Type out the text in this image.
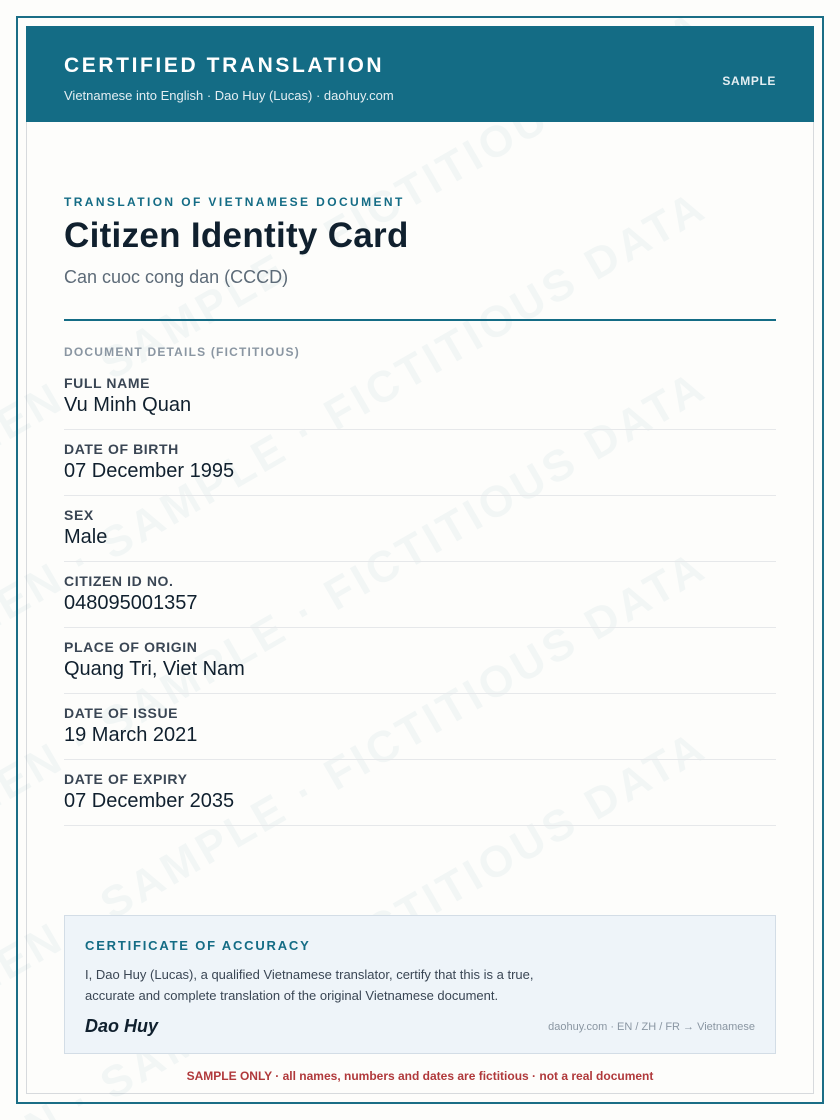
CERTIFIED TRANSLATION
Vietnamese into English · Dao Huy (Lucas) · daohuy.com
SAMPLE
TRANSLATION OF VIETNAMESE DOCUMENT
Citizen Identity Card
Can cuoc cong dan (CCCD)
DOCUMENT DETAILS (FICTITIOUS)
FULL NAME
Vu Minh Quan
DATE OF BIRTH
07 December 1995
SEX
Male
CITIZEN ID NO.
048095001357
PLACE OF ORIGIN
Quang Tri, Viet Nam
DATE OF ISSUE
19 March 2021
DATE OF EXPIRY
07 December 2035
CERTIFICATE OF ACCURACY
I, Dao Huy (Lucas), a qualified Vietnamese translator, certify that this is a true, accurate and complete translation of the original Vietnamese document.
Dao Huy	daohuy.com · EN / ZH / FR → Vietnamese
SAMPLE ONLY · all names, numbers and dates are fictitious · not a real document
